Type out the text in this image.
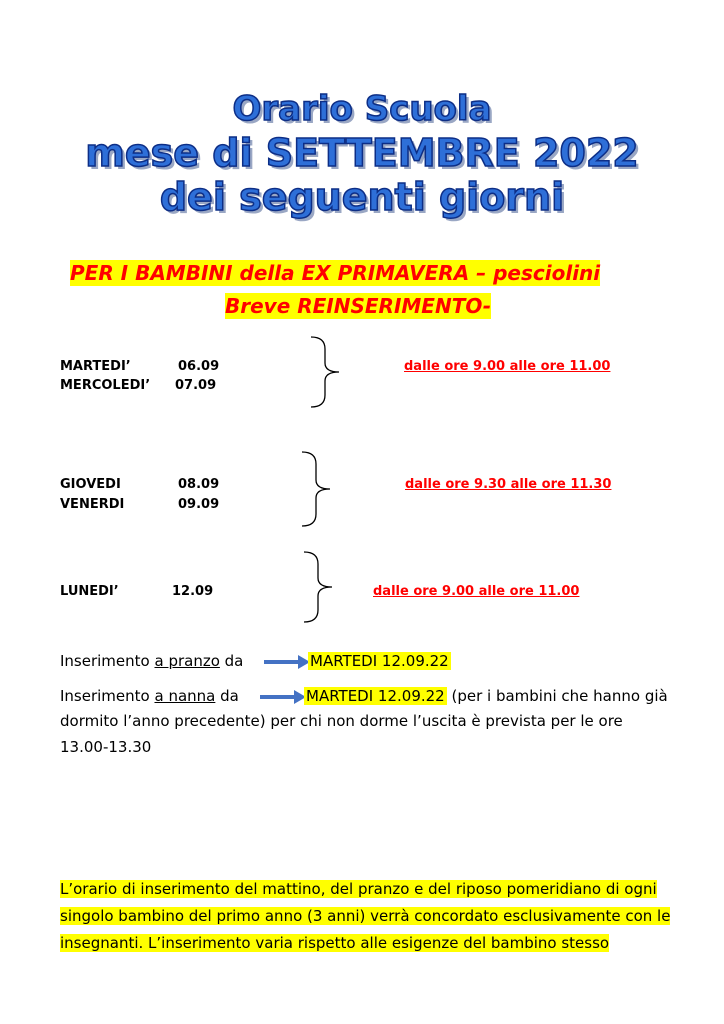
Orario Scuola
mese di SETTEMBRE 2022
dei seguenti giorni
PER I BAMBINI della EX PRIMAVERA – pesciolini
Breve REINSERIMENTO-
MARTEDI’	06.09
MERCOLEDI’ 07.09
dalle ore 9.00 alle ore 11.00
GIOVEDI	08.09
VENERDI	09.09
dalle ore 9.30 alle ore 11.30
LUNEDI’	12.09	dalle ore 9.00 alle ore 11.00
Inserimento a pranzo da	MARTEDI 12.09.22
Inserimento a nanna da	MARTEDI 12.09.22 (per i bambini che hanno già
dormito l’anno precedente) per chi non dorme l’uscita è prevista per le ore
13.00-13.30
L’orario di inserimento del mattino, del pranzo e del riposo pomeridiano di ogni
singolo bambino del primo anno (3 anni) verrà concordato esclusivamente con le
insegnanti. L’inserimento varia rispetto alle esigenze del bambino stesso
